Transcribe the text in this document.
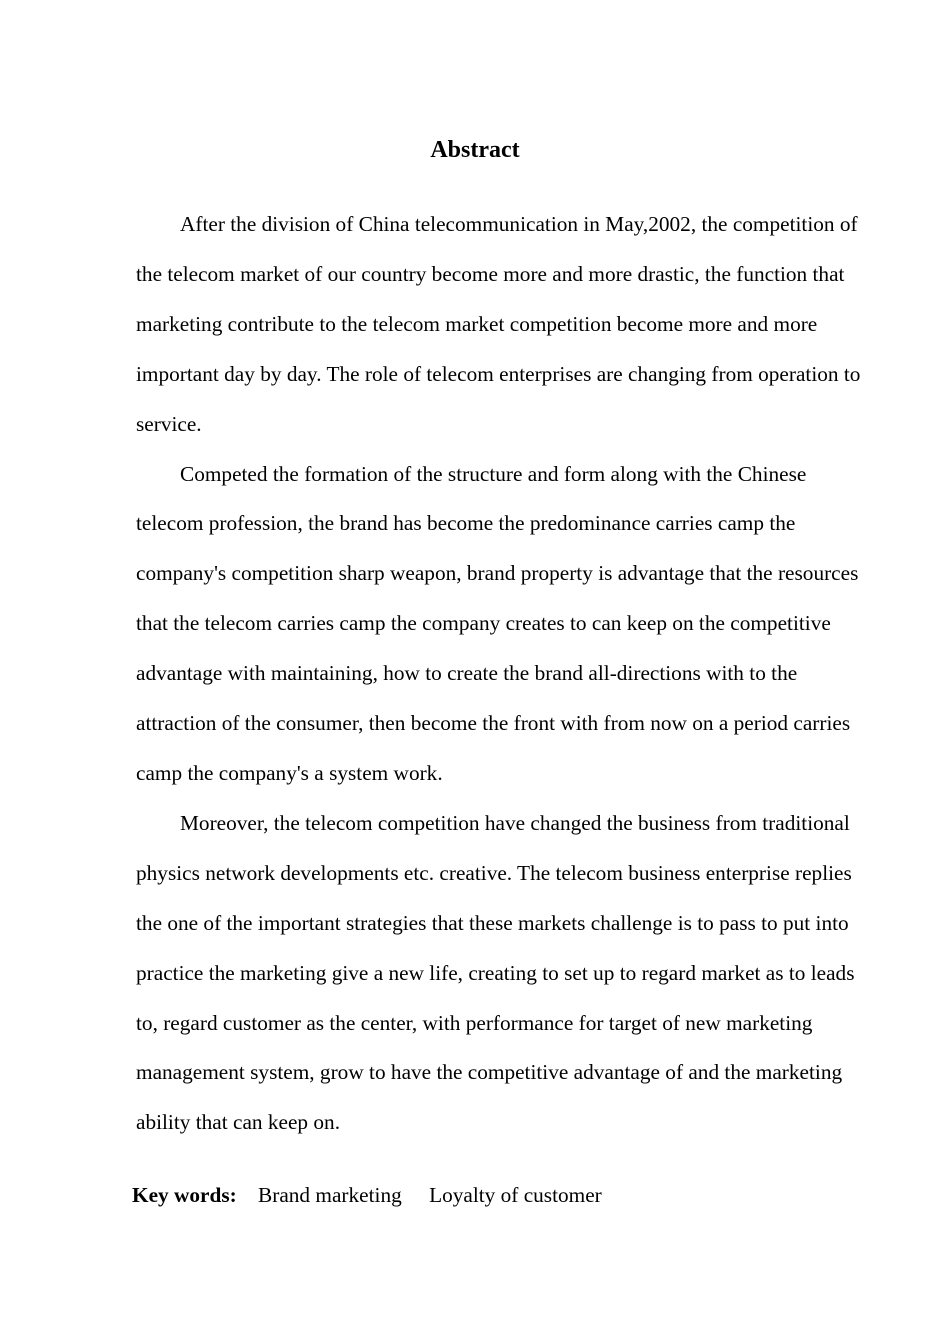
Abstract

After the division of China telecommunication in May,2002, the competition of the telecom market of our country become more and more drastic, the function that marketing contribute to the telecom market competition become more and more important day by day. The role of telecom enterprises are changing from operation to service.

Competed the formation of the structure and form along with the Chinese telecom profession, the brand has become the predominance carries camp the company's competition sharp weapon, brand property is advantage that the resources that the telecom carries camp the company creates to can keep on the competitive advantage with maintaining, how to create the brand all-directions with to the attraction of the consumer, then become the front with from now on a period carries camp the company's a system work.

Moreover, the telecom competition have changed the business from traditional physics network developments etc. creative. The telecom business enterprise replies the one of the important strategies that these markets challenge is to pass to put into practice the marketing give a new life, creating to set up to regard market as to leads to, regard customer as the center, with performance for target of new marketing management system, grow to have the competitive advantage of and the marketing ability that can keep on.

Key words: Brand marketing Loyalty of customer
